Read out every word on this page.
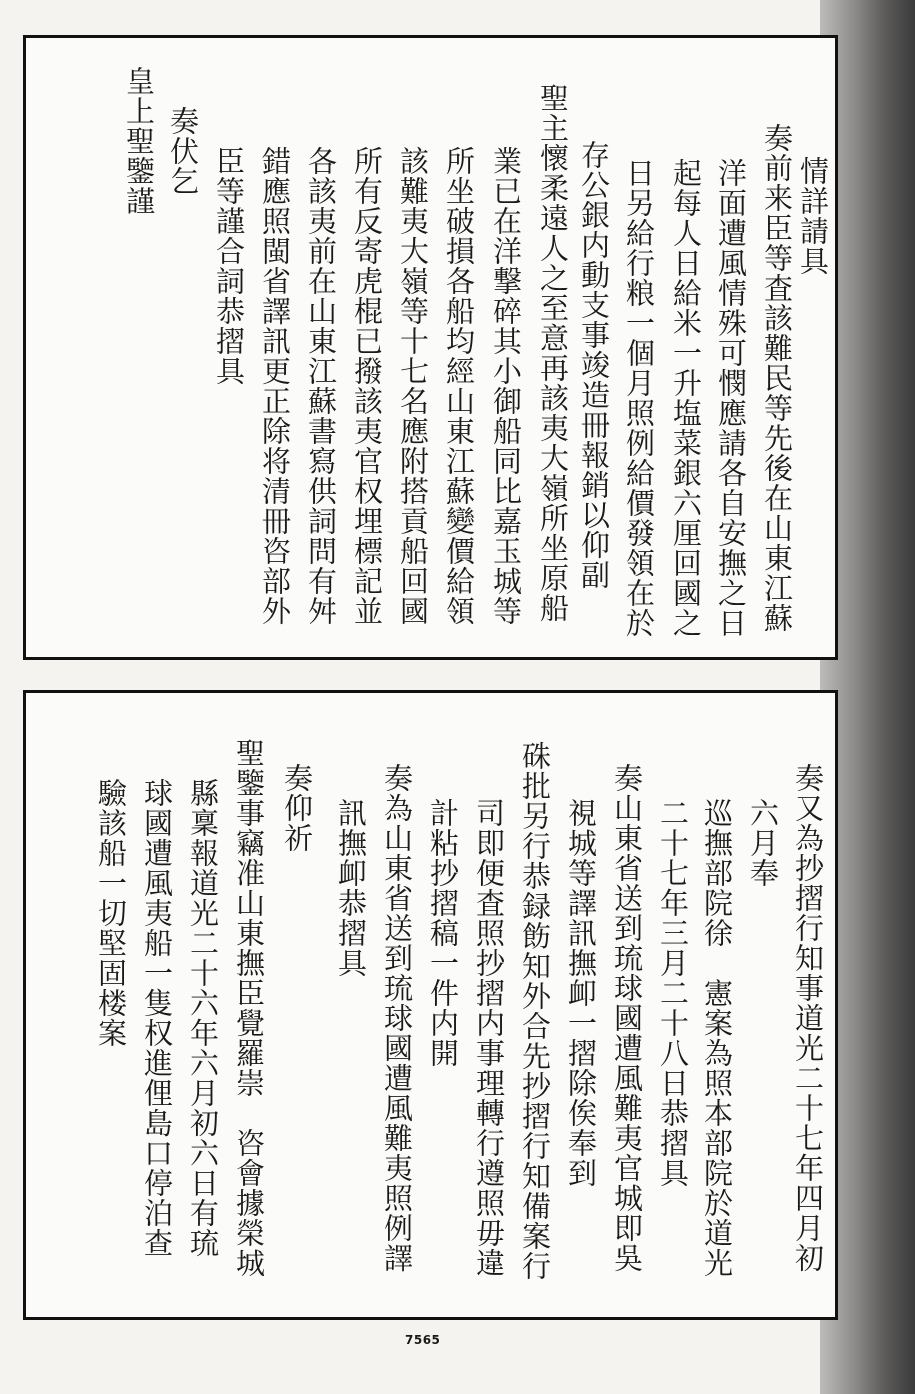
情詳請具
奏前来臣等査該難民等先後在山東江蘇
洋面遭風情殊可憫應請各自安撫之日
起每人日給米一升塩菜銀六厘回國之
日另給行粮一個月照例給價發領在於
存公銀内動支事竣造冊報銷以仰副
聖主懷柔遠人之至意再該夷大嶺所坐原船
業已在洋撃碎其小御船同比嘉玉城等
所坐破損各船均經山東江蘇變價給領
該難夷大嶺等十七名應附搭貢船回國
所有反寄虎棍已撥該夷官权埋標記並
各該夷前在山東江蘇書寫供詞問有舛
錯應照閩省譯訊更正除将清冊咨部外
臣等謹合詞恭摺具
奏伏乞
皇上聖鑒謹
奏又為抄摺行知事道光二十七年四月初
六月奉
巡撫部院徐　憲案為照本部院於道光
二十七年三月二十八日恭摺具
奏山東省送到琉球國遭風難夷官城即吳
視城等譯訊撫卹一摺除俟奉到
硃批另行恭録飭知外合先抄摺行知備案行
司即便査照抄摺内事理轉行遵照毋違
計粘抄摺稿一件内開
奏為山東省送到琉球國遭風難夷照例譯
訊撫卹恭摺具
奏仰祈
聖鑒事竊准山東撫臣覺羅崇　咨會據榮城
縣稟報道光二十六年六月初六日有琉
球國遭風夷船一隻权進俚島口停泊查
驗該船一切堅固楼案
7565
